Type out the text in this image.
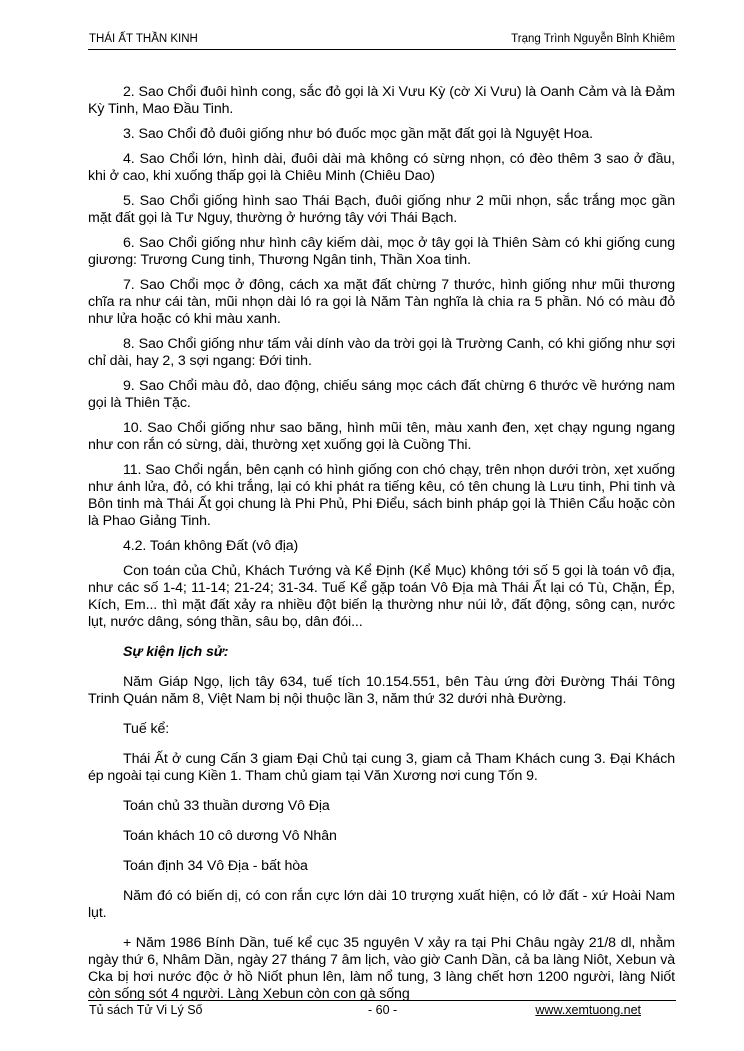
THÁI ẤT THẦN KINH	Trạng Trình Nguyễn Bỉnh Khiêm

2. Sao Chổi đuôi hình cong, sắc đỏ gọi là Xi Vưu Kỳ (cờ Xi Vưu) là Oanh Cảm và là Đảm Kỳ Tinh, Mao Đầu Tinh.

3. Sao Chổi đỏ đuôi giống như bó đuốc mọc gần mặt đất gọi là Nguyệt Hoa.

4. Sao Chổi lớn, hình dài, đuôi dài mà không có sừng nhọn, có đèo thêm 3 sao ở đầu, khi ở cao, khi xuống thấp gọi là Chiêu Minh (Chiêu Dao)

5. Sao Chổi giống hình sao Thái Bạch, đuôi giống như 2 mũi nhọn, sắc trắng mọc gần mặt đất gọi là Tư Nguy, thường ở hướng tây với Thái Bạch.

6. Sao Chổi giống như hình cây kiếm dài, mọc ở tây gọi là Thiên Sàm có khi giống cung giương: Trương Cung tinh, Thương Ngân tinh, Thần Xoa tinh.

7. Sao Chổi mọc ở đông, cách xa mặt đất chừng 7 thước, hình giống như mũi thương chĩa ra như cái tàn, mũi nhọn dài ló ra gọi là Năm Tàn nghĩa là chia ra 5 phần. Nó có màu đỏ như lửa hoặc có khi màu xanh.

8. Sao Chổi giống như tấm vải dính vào da trời gọi là Trường Canh, có khi giống như sợi chỉ dài, hay 2, 3 sợi ngang: Đới tinh.

9. Sao Chổi màu đỏ, dao động, chiếu sáng mọc cách đất chừng 6 thước về hướng nam gọi là Thiên Tặc.

10. Sao Chổi giống như sao băng, hình mũi tên, màu xanh đen, xẹt chạy ngung ngang như con rắn có sừng, dài, thường xẹt xuống gọi là Cuồng Thi.

11. Sao Chổi ngắn, bên cạnh có hình giống con chó chạy, trên nhọn dưới tròn, xẹt xuống như ánh lửa, đỏ, có khi trắng, lại có khi phát ra tiếng kêu, có tên chung là Lưu tinh, Phi tinh và Bôn tinh mà Thái Ất gọi chung là Phi Phủ, Phi Điểu, sách binh pháp gọi là Thiên Cẩu hoặc còn là Phao Giảng Tinh.

4.2. Toán không Đất (vô địa)

Con toán của Chủ, Khách Tướng và Kể Định (Kể Mục) không tới số 5 gọi là toán vô địa, như các số 1-4; 11-14; 21-24; 31-34. Tuế Kể gặp toán Vô Địa mà Thái Ất lại có Tù, Chặn, Ép, Kích, Em... thì mặt đất xảy ra nhiều đột biến lạ thường như núi lở, đất động, sông cạn, nước lụt, nước dâng, sóng thần, sâu bọ, dân đói...

Sự kiện lịch sử:

Năm Giáp Ngọ, lịch tây 634, tuế tích 10.154.551, bên Tàu ứng đời Đường Thái Tông Trinh Quán năm 8, Việt Nam bị nội thuộc lần 3, năm thứ 32 dưới nhà Đường.

Tuế kể:

Thái Ất ở cung Cấn 3 giam Đại Chủ tại cung 3, giam cả Tham Khách cung 3. Đại Khách ép ngoài tại cung Kiền 1. Tham chủ giam tại Văn Xương nơi cung Tốn 9.

Toán chủ 33 thuần dương Vô Địa

Toán khách 10 cô dương Vô Nhân

Toán định 34 Vô Địa - bất hòa

Năm đó có biến dị, có con rắn cực lớn dài 10 trượng xuất hiện, có lở đất - xứ Hoài Nam lụt.

+ Năm 1986 Bính Dần, tuế kể cục 35 nguyên V xảy ra tại Phi Châu ngày 21/8 dl, nhằm ngày thứ 6, Nhâm Dần, ngày 27 tháng 7 âm lịch, vào giờ Canh Dần, cả ba làng Niôt, Xebun và Cka bị hơi nước độc ở hồ Niốt phun lên, làm nổ tung, 3 làng chết hơn 1200 người, làng Niốt còn sống sót 4 người. Làng Xebun còn con gà sống

Tủ sách Tử Vi Lý Số	- 60 -	www.xemtuong.net
